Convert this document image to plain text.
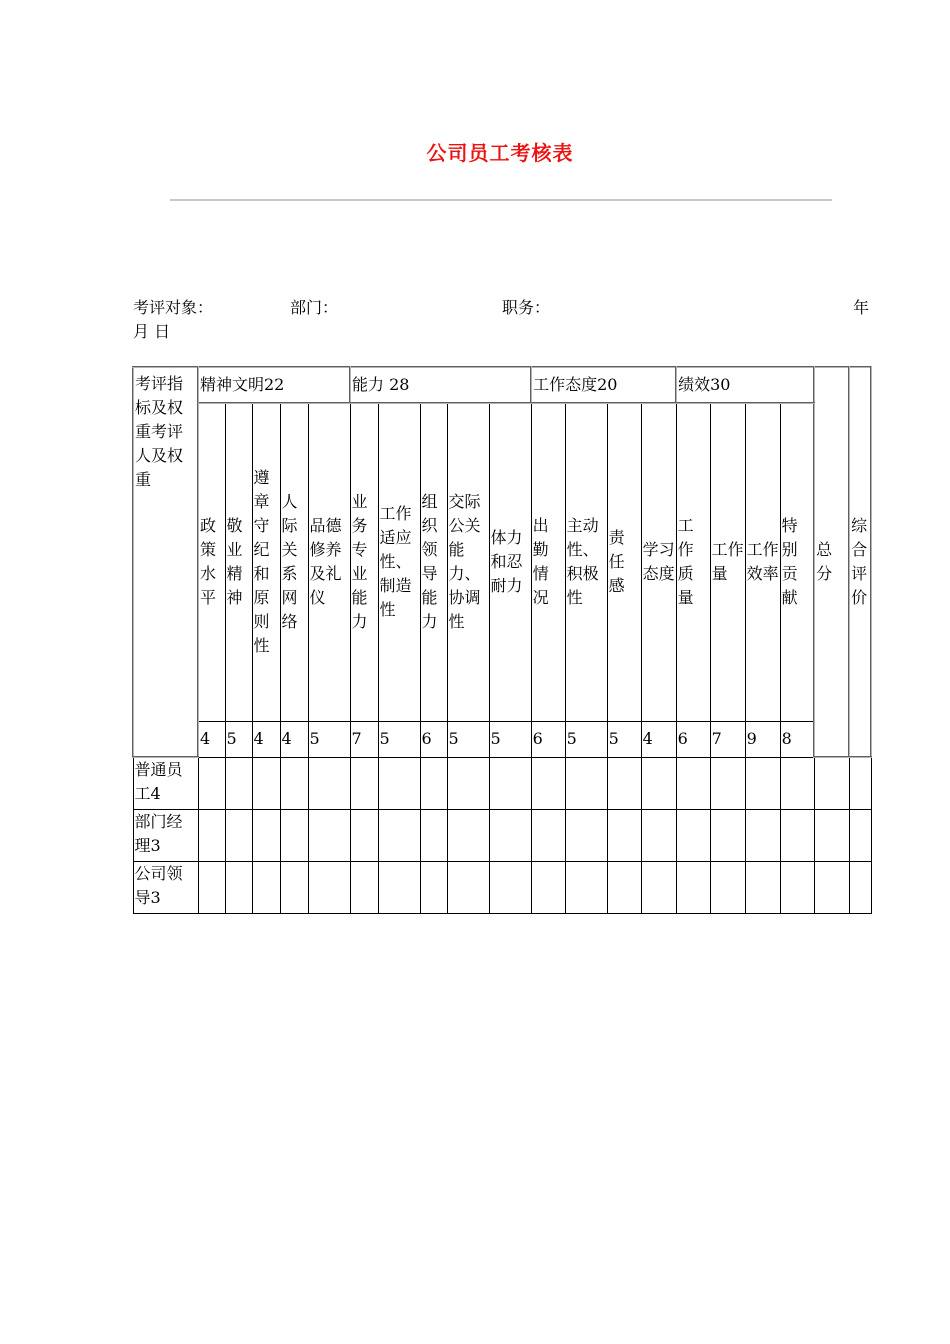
公司员工考核表
考评对象：	部门：	职务：	年
月 日
考评指标及权重考评人及权重	精神文明22					能力 28					工作态度20				绩效30				总分	综合评价

	政策水平	敬业精神	遵章守纪和原则性	人际关系网络	品德修养及礼仪	业务专业能力	工作适应性、制造性	组织领导能力	交际公关能力、协调性	体力和忍耐力	出勤情况	主动性、积极性	责任感	学习态度	工作质量	工作量	工作效率	特别贡献		

	4	5	4	4	5	7	5	6	5	5	6	5	5	4	6	7	9	8		
普通员工4																				
部门经理3																				
公司领导3																				
